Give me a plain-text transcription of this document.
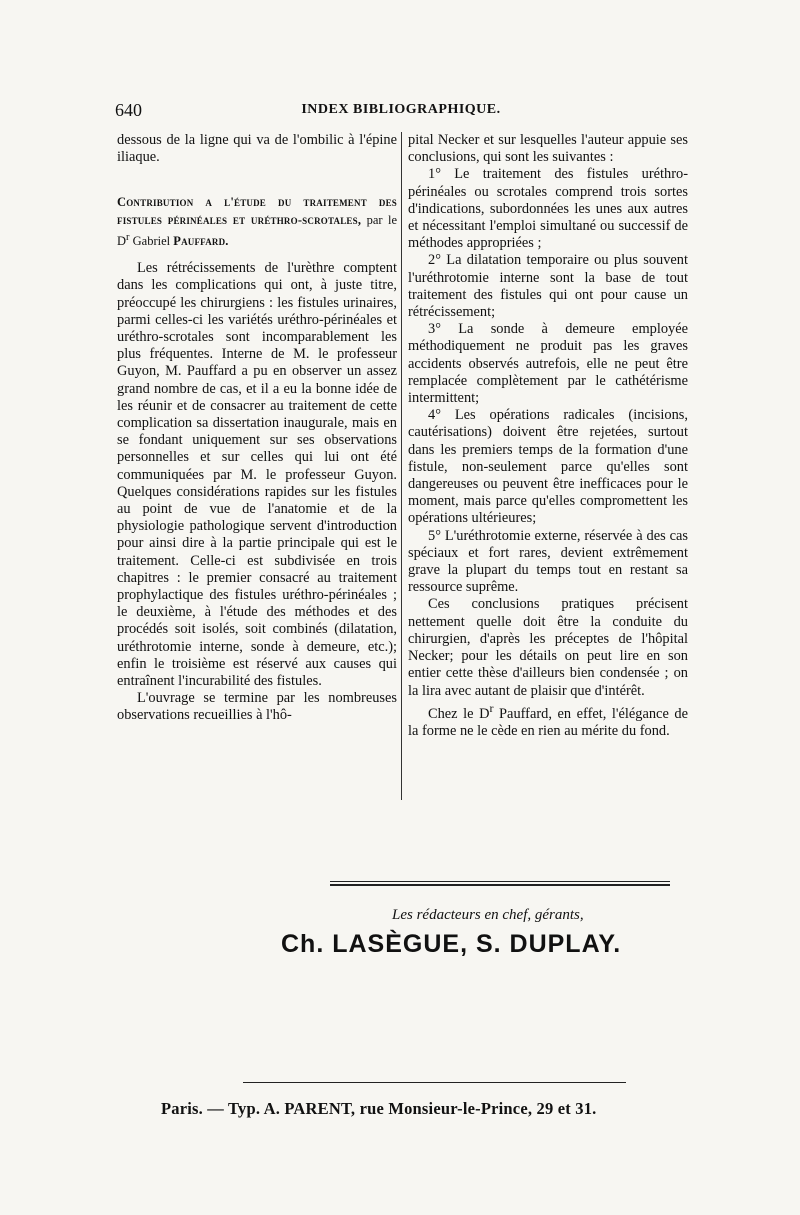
640	INDEX BIBLIOGRAPHIQUE.

dessous de la ligne qui va de l'ombilic à l'épine iliaque.

Contribution a l'étude du traitement des fistules périnéales et uréthro-scrotales, par le $D^r$ Gabriel Pauffard.

Les rétrécissements de l'urèthre comptent dans les complications qui ont, à juste titre, préoccupé les chirurgiens : les fistules urinaires, parmi celles-ci les variétés uréthro-périnéales et uréthro-scrotales sont incomparablement les plus fréquentes. Interne de M. le professeur Guyon, M. Pauffard a pu en observer un assez grand nombre de cas, et il a eu la bonne idée de les réunir et de consacrer au traitement de cette complication sa dissertation inaugurale, mais en se fondant uniquement sur ses observations personnelles et sur celles qui lui ont été communiquées par M. le professeur Guyon. Quelques considérations rapides sur les fistules au point de vue de l'anatomie et de la physiologie pathologique servent d'introduction pour ainsi dire à la partie principale qui est le traitement. Celle-ci est subdivisée en trois chapitres : le premier consacré au traitement prophylactique des fistules uréthro-périnéales ; le deuxième, à l'étude des méthodes et des procédés soit isolés, soit combinés (dilatation, uréthrotomie interne, sonde à demeure, etc.); enfin le troisième est réservé aux causes qui entraînent l'incurabilité des fistules.

L'ouvrage se termine par les nombreuses observations recueillies à l'hô-

pital Necker et sur lesquelles l'auteur appuie ses conclusions, qui sont les suivantes :

1° Le traitement des fistules uréthro-périnéales ou scrotales comprend trois sortes d'indications, subordonnées les unes aux autres et nécessitant l'emploi simultané ou successif de méthodes appropriées ;

2° La dilatation temporaire ou plus souvent l'uréthrotomie interne sont la base de tout traitement des fistules qui ont pour cause un rétrécissement;

3° La sonde à demeure employée méthodiquement ne produit pas les graves accidents observés autrefois, elle ne peut être remplacée complètement par le cathétérisme intermittent;

4° Les opérations radicales (incisions, cautérisations) doivent être rejetées, surtout dans les premiers temps de la formation d'une fistule, non-seulement parce qu'elles sont dangereuses ou peuvent être inefficaces pour le moment, mais parce qu'elles compromettent les opérations ultérieures;

5° L'uréthrotomie externe, réservée à des cas spéciaux et fort rares, devient extrêmement grave la plupart du temps tout en restant sa ressource suprême.

Ces conclusions pratiques précisent nettement quelle doit être la conduite du chirurgien, d'après les préceptes de l'hôpital Necker; pour les détails on peut lire en son entier cette thèse d'ailleurs bien condensée ; on la lira avec autant de plaisir que d'intérêt.

Chez le $D^r$ Pauffard, en effet, l'élégance de la forme ne le cède en rien au mérite du fond.

Les rédacteurs en chef, gérants,
Ch. LASÈGUE, S. DUPLAY.
Paris. — Typ. A. PARENT, rue Monsieur-le-Prince, 29 et 31.
